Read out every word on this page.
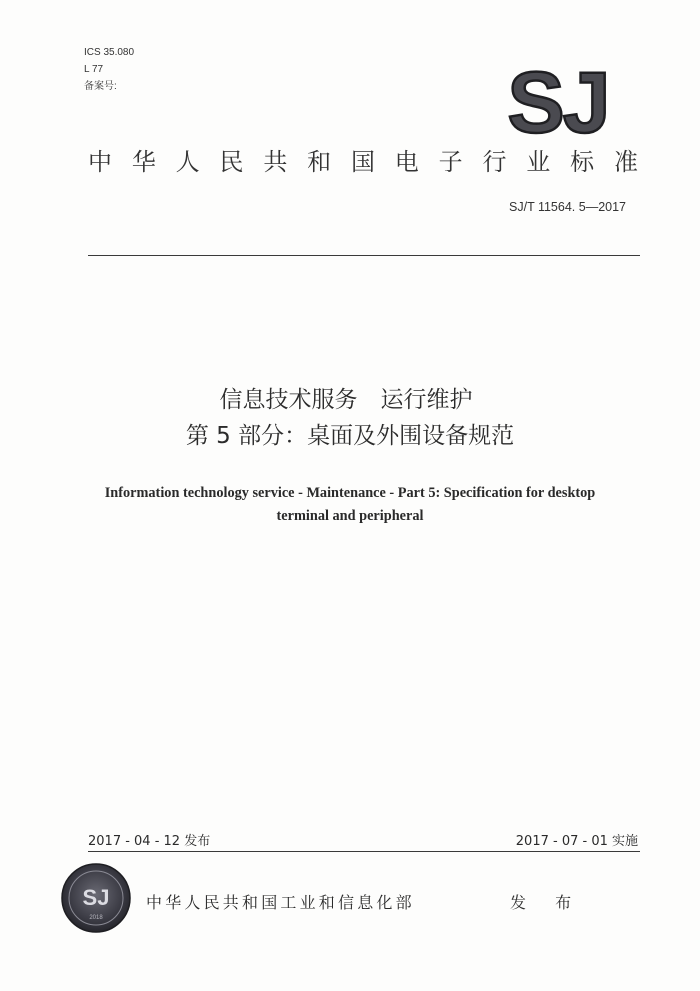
ICS 35.080
L 77
备案号:	SJ
中 华 人 民 共 和 国 电 子 行 业 标 准
SJ/T 11564. 5—2017
信息技术服务　运行维护
第 5 部分：桌面及外围设备规范
Information technology service - Maintenance - Part 5: Specification for desktop
terminal and peripheral
2017 - 04 - 12 发布	2017 - 07 - 01 实施
SJ
2018
中华人民共和国工业和信息化部	发 布
